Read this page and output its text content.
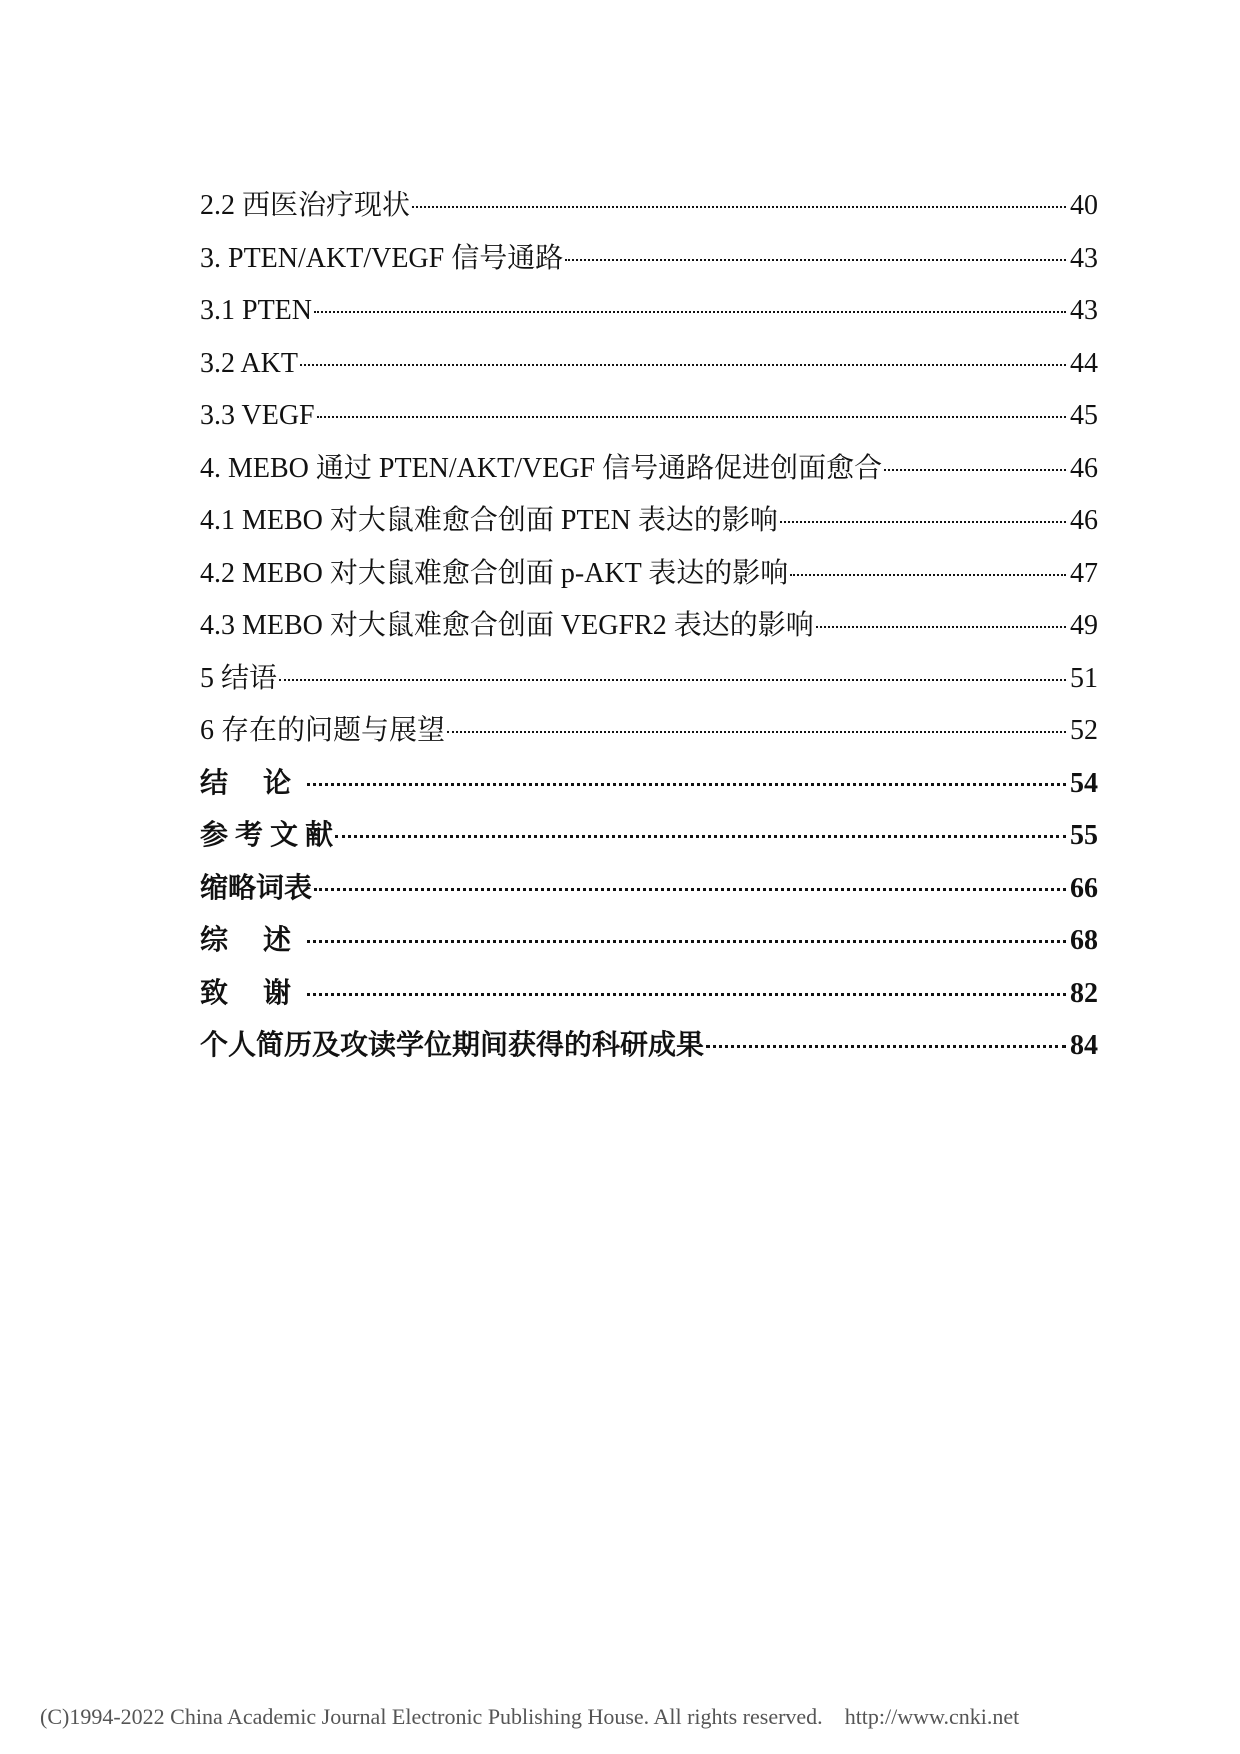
2.2 西医治疗现状	40
3. PTEN/AKT/VEGF 信号通路	43
3.1 PTEN	43
3.2 AKT	44
3.3 VEGF	45
4. MEBO 通过 PTEN/AKT/VEGF 信号通路促进创面愈合	46
4.1 MEBO 对大鼠难愈合创面 PTEN 表达的影响	46
4.2 MEBO 对大鼠难愈合创面 p-AKT 表达的影响	47
4.3 MEBO 对大鼠难愈合创面 VEGFR2 表达的影响	49
5 结语	51
6 存在的问题与展望	52
结 论	54
参 考 文 献	55
缩略词表	66
综 述	68
致 谢	82
个人简历及攻读学位期间获得的科研成果	84
(C)1994-2022 China Academic Journal Electronic Publishing House. All rights reserved. http://www.cnki.net
